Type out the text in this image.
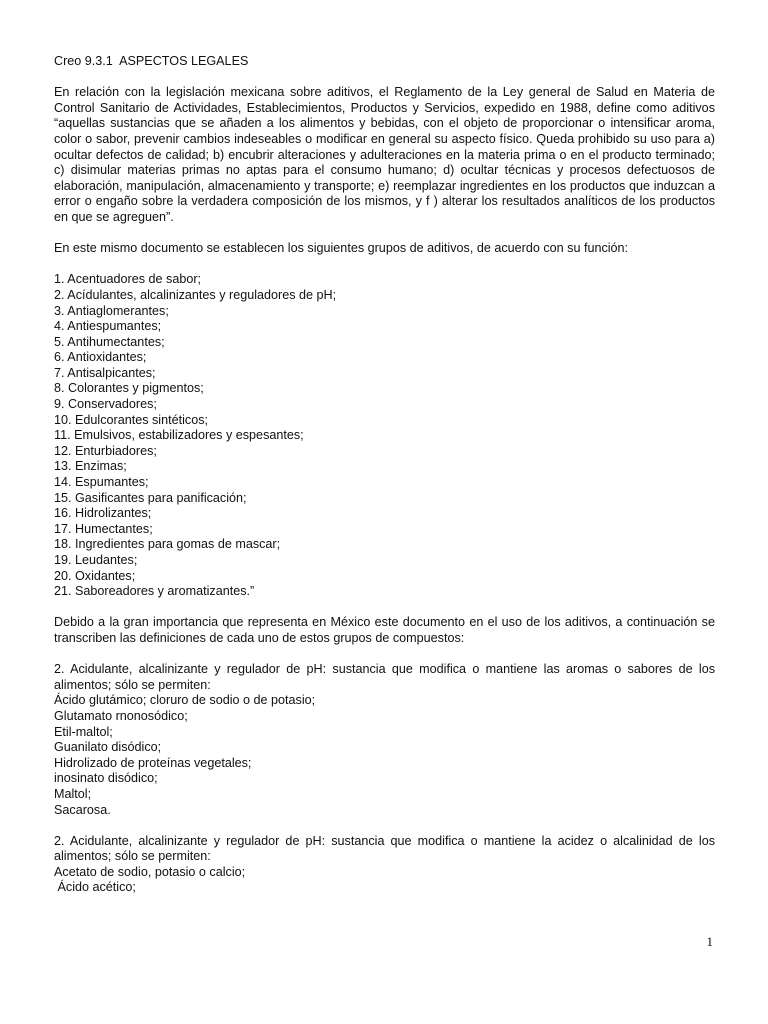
Creo 9.3.1  ASPECTOS LEGALES

En relación con la legislación mexicana sobre aditivos, el Reglamento de la Ley general de Salud en Materia de Control Sanitario de Actividades, Establecimientos, Productos y Servicios, expedido en 1988, define como aditivos “aquellas sustancias que se añaden a los alimentos y bebidas, con el objeto de proporcionar o intensificar aroma, color o sabor, prevenir cambios indeseables o modificar en general su aspecto físico. Queda prohibido su uso para a) ocultar defectos de calidad; b) encubrir alteraciones y adulteraciones en la materia prima o en el producto terminado; c) disimular materias primas no aptas para el consumo humano; d) ocultar técnicas y procesos defectuosos de elaboración, manipulación, almacenamiento y transporte; e) reemplazar ingredientes en los productos que induzcan a error o engaño sobre la verdadera composición de los mismos, y f ) alterar los resultados analíticos de los productos en que se agreguen”.

En este mismo documento se establecen los siguientes grupos de aditivos, de acuerdo con su función:

1. Acentuadores de sabor;
2. Acídulantes, alcalinizantes y reguladores de pH;
3. Antiaglomerantes;
4. Antiespumantes;
5. Antihumectantes;
6. Antioxidantes;
7. Antisalpicantes;
8. Colorantes y pigmentos;
9. Conservadores;
10. Edulcorantes sintéticos;
11. Emulsivos, estabilizadores y espesantes;
12. Enturbiadores;
13. Enzimas;
14. Espumantes;
15. Gasificantes para panificación;
16. Hidrolizantes;
17. Humectantes;
18. Ingredientes para gomas de mascar;
19. Leudantes;
20. Oxidantes;
21. Saboreadores y aromatizantes.”

Debido a la gran importancia que representa en México este documento en el uso de los aditivos, a continuación se transcriben las definiciones de cada uno de estos grupos de compuestos:

2. Acidulante, alcalinizante y regulador de pH: sustancia que modifica o mantiene las aromas o sabores de los alimentos; sólo se permiten:

Ácido glutámico; cloruro de sodio o de potasio;
Glutamato rnonosódico;
Etil-maltol;
Guanilato disódico;
Hidrolizado de proteínas vegetales;
inosinato disódico;
Maltol;
Sacarosa.

2. Acidulante, alcalinizante y regulador de pH: sustancia que modifica o mantiene la acidez o alcalinidad de los alimentos; sólo se permiten:

Acetato de sodio, potasio o calcio;
Ácido acético;
1
